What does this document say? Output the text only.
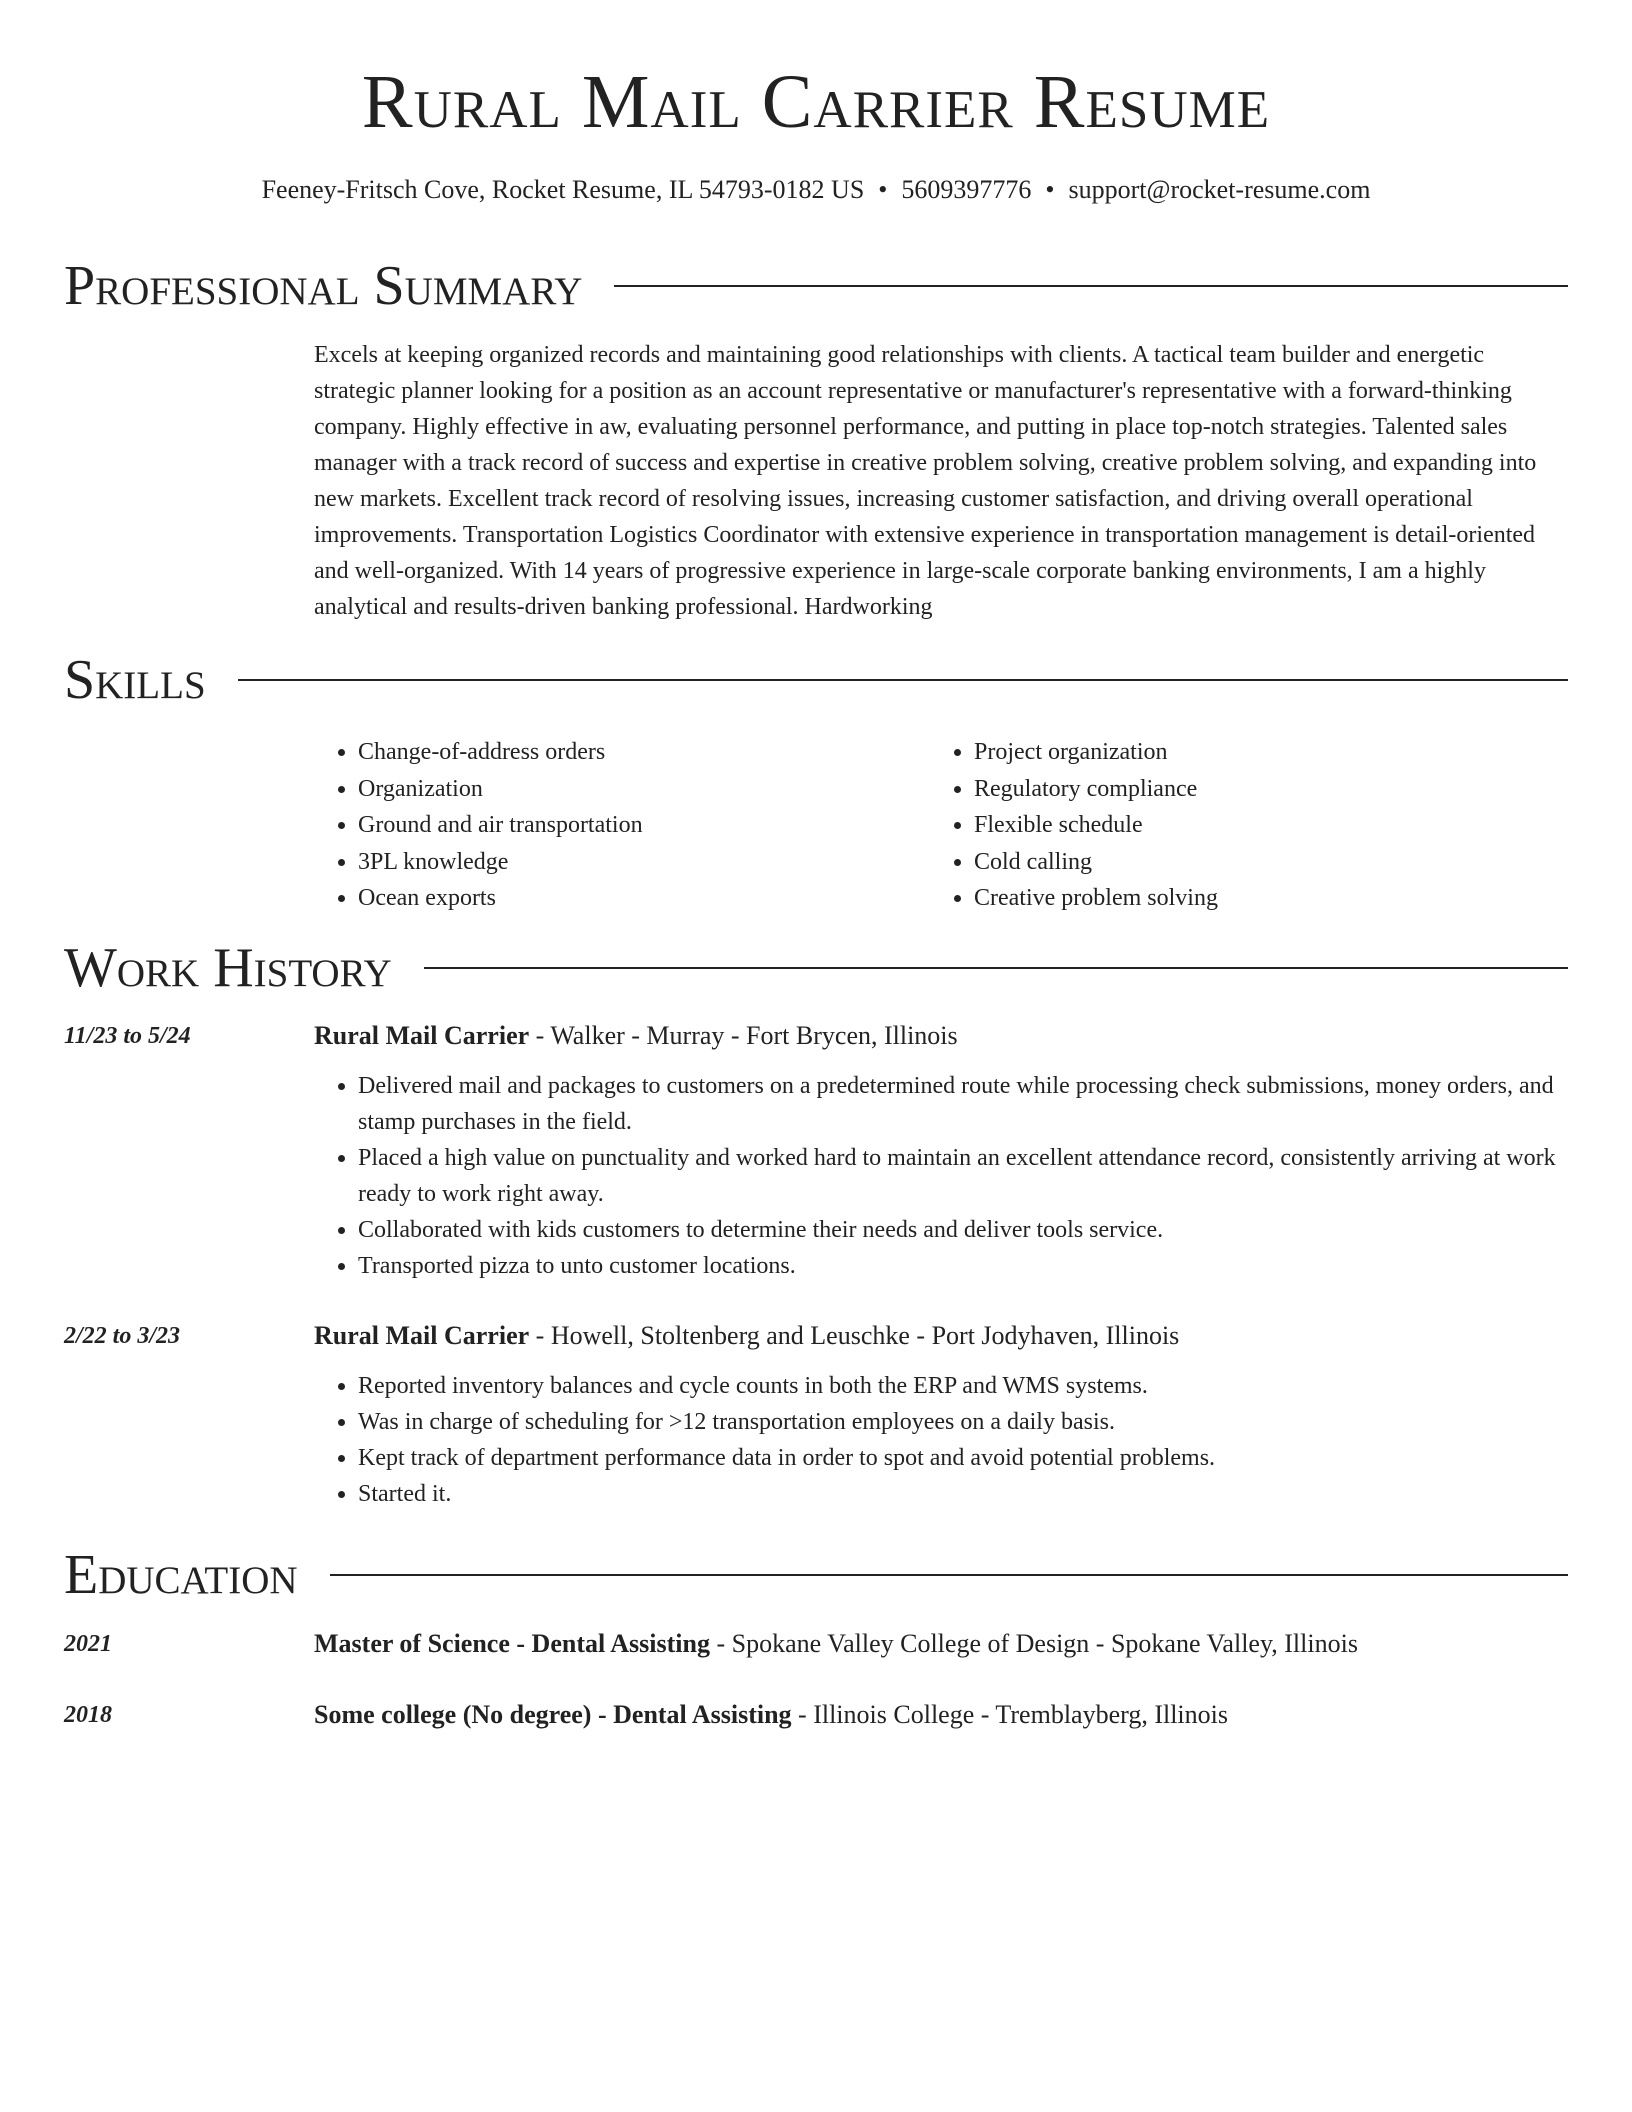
Rural Mail Carrier Resume
Feeney-Fritsch Cove, Rocket Resume, IL 54793-0182 US • 5609397776 • support@rocket-resume.com
Professional Summary

Excels at keeping organized records and maintaining good relationships with clients. A tactical team builder and energetic strategic planner looking for a position as an account representative or manufacturer's representative with a forward-thinking company. Highly effective in aw, evaluating personnel performance, and putting in place top-notch strategies. Talented sales manager with a track record of success and expertise in creative problem solving, creative problem solving, and expanding into new markets. Excellent track record of resolving issues, increasing customer satisfaction, and driving overall operational improvements. Transportation Logistics Coordinator with extensive experience in transportation management is detail-oriented and well-organized. With 14 years of progressive experience in large-scale corporate banking environments, I am a highly analytical and results-driven banking professional. Hardworking

Skills
• Change-of-address orders
• Organization
• Ground and air transportation
• 3PL knowledge
• Ocean exports
• Project organization
• Regulatory compliance
• Flexible schedule
• Cold calling
• Creative problem solving
Work History
11/23 to 5/24	Rural Mail Carrier - Walker - Murray - Fort Brycen, Illinois
• Delivered mail and packages to customers on a predetermined route while processing check submissions, money orders, and stamp purchases in the field.
• Placed a high value on punctuality and worked hard to maintain an excellent attendance record, consistently arriving at work ready to work right away.
• Collaborated with kids customers to determine their needs and deliver tools service.
• Transported pizza to unto customer locations.
2/22 to 3/23	Rural Mail Carrier - Howell, Stoltenberg and Leuschke - Port Jodyhaven, Illinois
• Reported inventory balances and cycle counts in both the ERP and WMS systems.
• Was in charge of scheduling for >12 transportation employees on a daily basis.
• Kept track of department performance data in order to spot and avoid potential problems.
• Started it.
Education
2021	Master of Science - Dental Assisting - Spokane Valley College of Design - Spokane Valley, Illinois
2018	Some college (No degree) - Dental Assisting - Illinois College - Tremblayberg, Illinois
